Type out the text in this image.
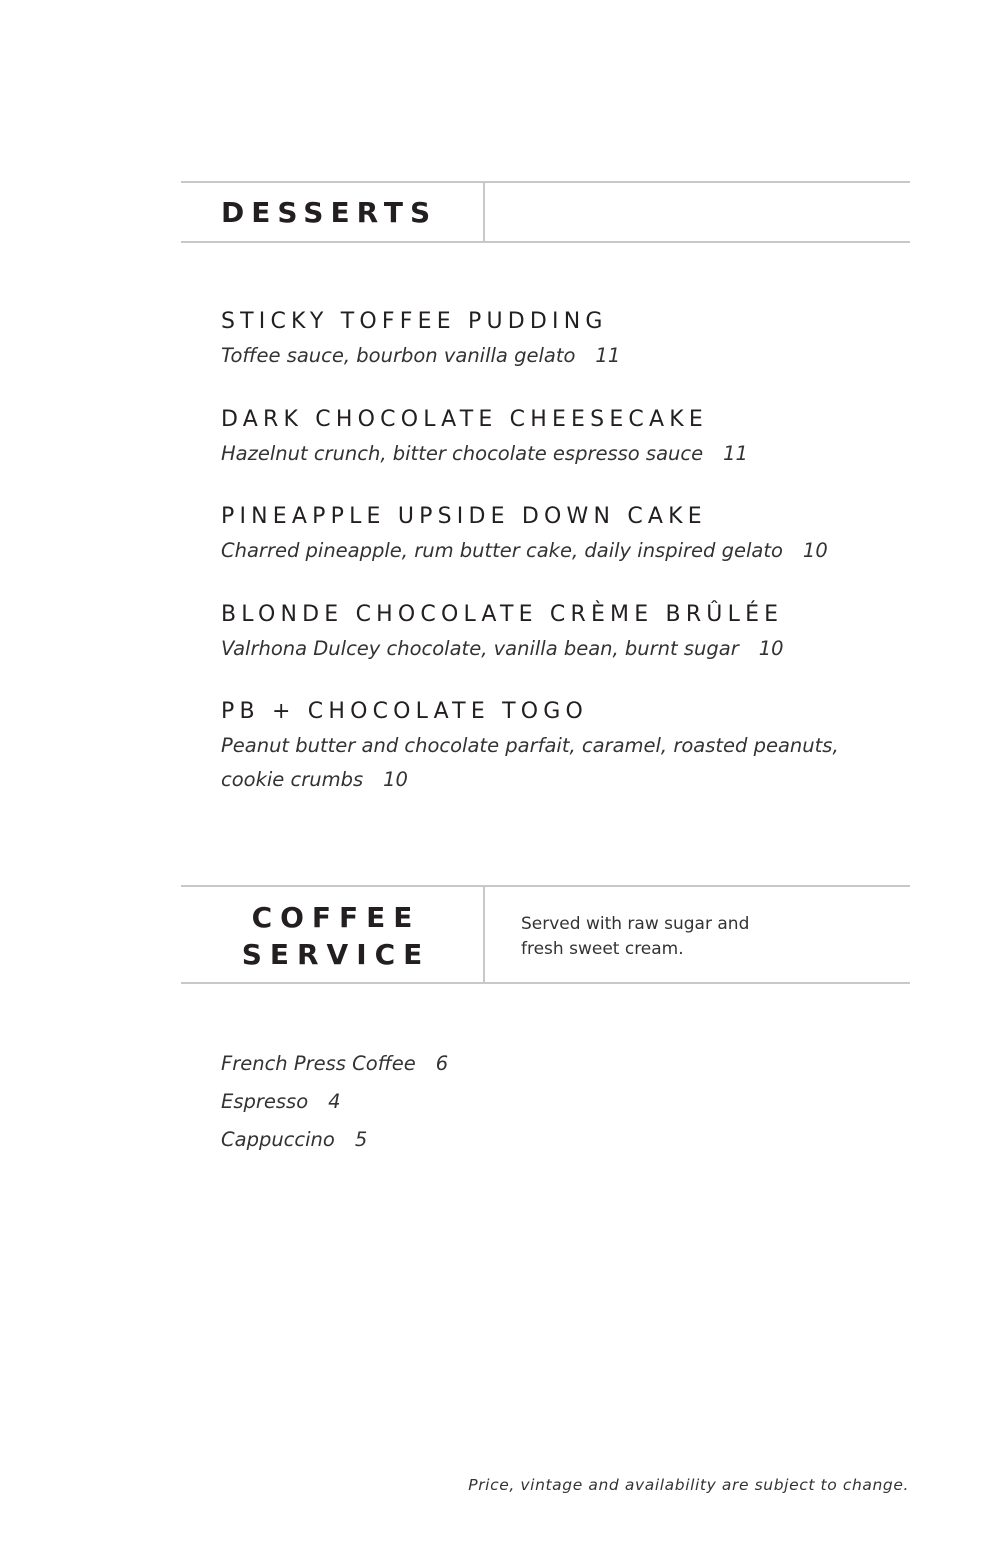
DESSERTS
STICKY TOFFEE PUDDING
Toffee sauce, bourbon vanilla gelato 11
DARK CHOCOLATE CHEESECAKE
Hazelnut crunch, bitter chocolate espresso sauce 11
PINEAPPLE UPSIDE DOWN CAKE
Charred pineapple, rum butter cake, daily inspired gelato 10
BLONDE CHOCOLATE CRÈME BRÛLÉE
Valrhona Dulcey chocolate, vanilla bean, burnt sugar 10
PB + CHOCOLATE TOGO
Peanut butter and chocolate parfait, caramel, roasted peanuts, cookie crumbs 10
COFFEE
SERVICE
Served with raw sugar and fresh sweet cream.
French Press Coffee 6
Espresso 4
Cappuccino 5
Price, vintage and availability are subject to change.
